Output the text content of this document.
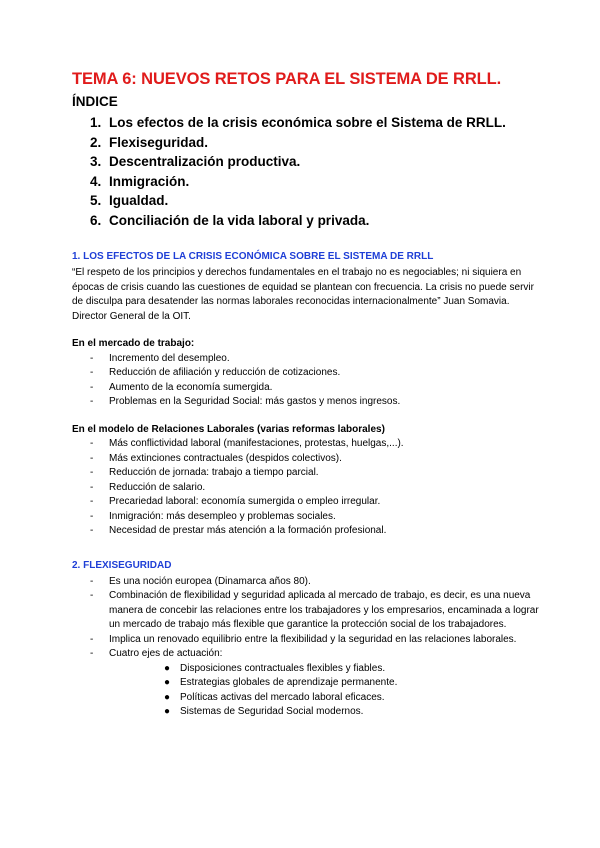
TEMA 6: NUEVOS RETOS PARA EL SISTEMA DE RRLL.
ÍNDICE
1. Los efectos de la crisis económica sobre el Sistema de RRLL.
2. Flexiseguridad.
3. Descentralización productiva.
4. Inmigración.
5. Igualdad.
6. Conciliación de la vida laboral y privada.
1. LOS EFECTOS DE LA CRISIS ECONÓMICA SOBRE EL SISTEMA DE RRLL

“El respeto de los principios y derechos fundamentales en el trabajo no es negociables; ni siquiera en épocas de crisis cuando las cuestiones de equidad se plantean con frecuencia. La crisis no puede servir de disculpa para desatender las normas laborales reconocidas internacionalmente” Juan Somavia. Director General de la OIT.

En el mercado de trabajo:
- Incremento del desempleo.
- Reducción de afiliación y reducción de cotizaciones.
- Aumento de la economía sumergida.
- Problemas en la Seguridad Social: más gastos y menos ingresos.
En el modelo de Relaciones Laborales (varias reformas laborales)
- Más conflictividad laboral (manifestaciones, protestas, huelgas,...).
- Más extinciones contractuales (despidos colectivos).
- Reducción de jornada: trabajo a tiempo parcial.
- Reducción de salario.
- Precariedad laboral: economía sumergida o empleo irregular.
- Inmigración: más desempleo y problemas sociales.
- Necesidad de prestar más atención a la formación profesional.
2. FLEXISEGURIDAD
- Es una noción europea (Dinamarca años 80).
- Combinación de flexibilidad y seguridad aplicada al mercado de trabajo, es decir, es una nueva manera de concebir las relaciones entre los trabajadores y los empresarios, encaminada a lograr un mercado de trabajo más flexible que garantice la protección social de los trabajadores.
- Implica un renovado equilibrio entre la flexibilidad y la seguridad en las relaciones laborales.
- Cuatro ejes de actuación:
● Disposiciones contractuales flexibles y fiables.
● Estrategias globales de aprendizaje permanente.
● Políticas activas del mercado laboral eficaces.
● Sistemas de Seguridad Social modernos.
